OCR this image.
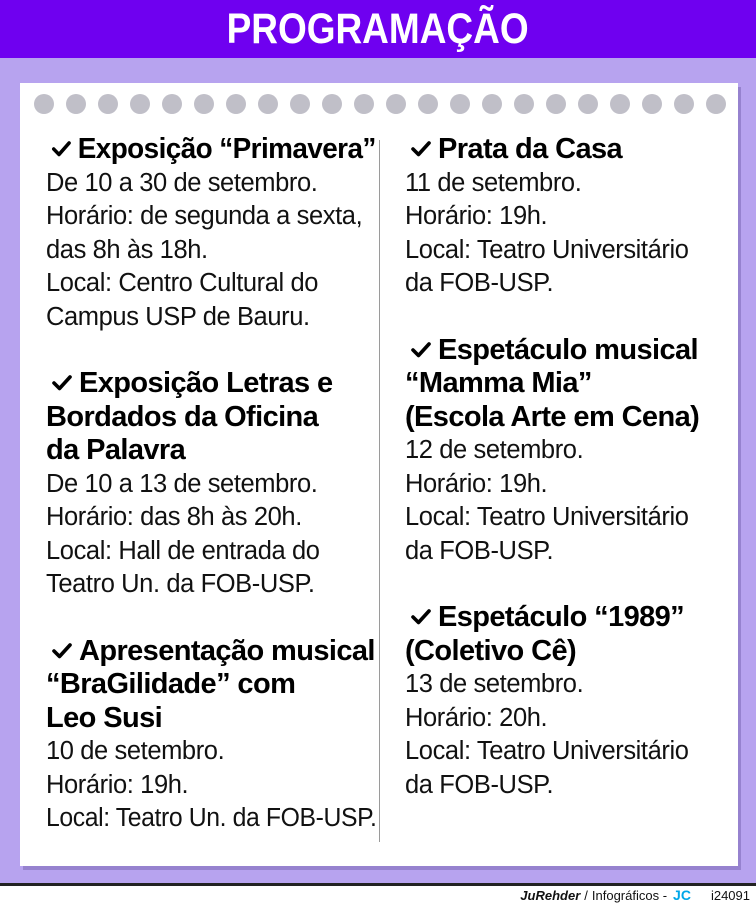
PROGRAMAÇÃO

Exposição “Primavera”

De 10 a 30 de setembro.

Horário: de segunda a sexta,

das 8h às 18h.

Local: Centro Cultural do

Campus USP de Bauru.

Exposição Letras e

Bordados da Oficina

da Palavra

De 10 a 13 de setembro.

Horário: das 8h às 20h.

Local: Hall de entrada do

Teatro Un. da FOB-USP.

Apresentação musical

“BraGilidade” com

Leo Susi

10 de setembro.

Horário: 19h.

Local: Teatro Un. da FOB-USP.

Prata da Casa

11 de setembro.

Horário: 19h.

Local: Teatro Universitário

da FOB-USP.

Espetáculo musical

“Mamma Mia”

(Escola Arte em Cena)

12 de setembro.

Horário: 19h.

Local: Teatro Universitário

da FOB-USP.

Espetáculo “1989”

(Coletivo Cê)

13 de setembro.

Horário: 20h.

Local: Teatro Universitário

da FOB-USP.

JuRehder / Infográficos - JC i24091
